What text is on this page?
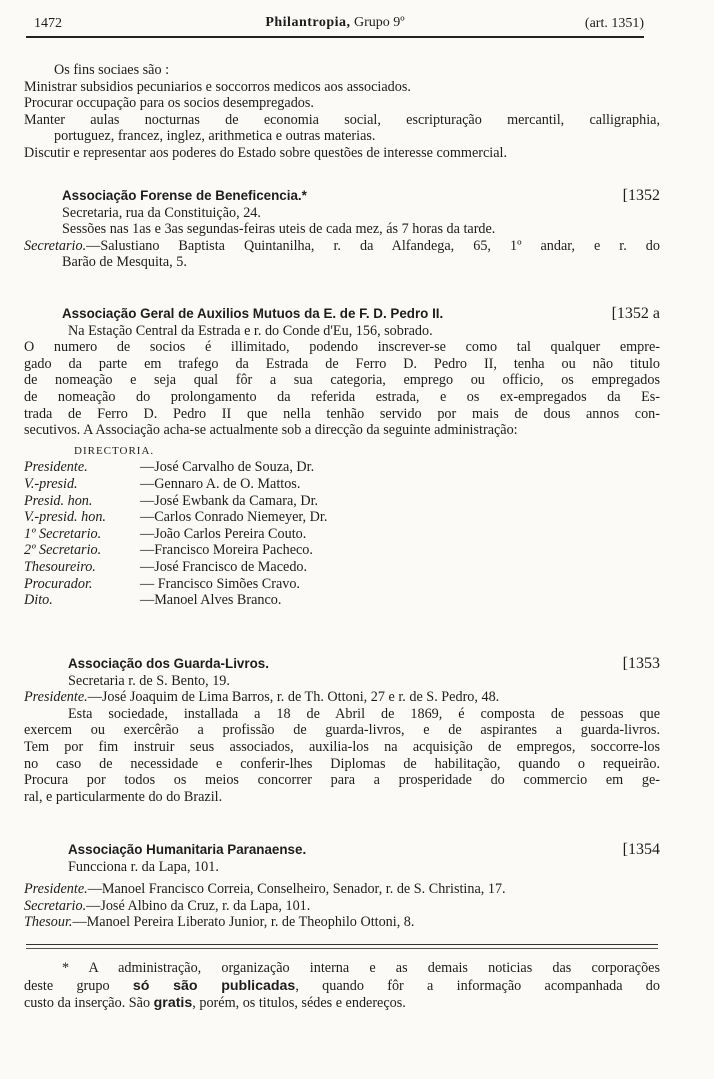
1472	Philantropia, Grupo 9º	(art. 1351)
Os fins sociaes são :
Ministrar subsidios pecuniarios e soccorros medicos aos associados.
Procurar occupação para os socios desempregados.
Manter aulas nocturnas de economia social, escripturação mercantil, calligraphia,
portuguez, francez, inglez, arithmetica e outras materias.
Discutir e representar aos poderes do Estado sobre questões de interesse commercial.
Associação Forense de Beneficencia.*	[1352
Secretaria, rua da Constituição, 24.
Sessões nas 1as e 3as segundas-feiras uteis de cada mez, ás 7 horas da tarde.
Secretario.—Salustiano Baptista Quintanilha, r. da Alfandega, 65, 1º andar, e r. do
Barão de Mesquita, 5.
Associação Geral de Auxilios Mutuos da E. de F. D. Pedro II.	[1352 a
Na Estação Central da Estrada e r. do Conde d'Eu, 156, sobrado.
O numero de socios é illimitado, podendo inscrever-se como tal qualquer empre-
gado da parte em trafego da Estrada de Ferro D. Pedro II, tenha ou não titulo
de nomeação e seja qual fôr a sua categoria, emprego ou officio, os empregados
de nomeação do prolongamento da referida estrada, e os ex-empregados da Es-
trada de Ferro D. Pedro II que nella tenhão servido por mais de dous annos con-
secutivos. A Associação acha-se actualmente sob a direcção da seguinte administração:
DIRECTORIA.
Presidente.	—José Carvalho de Souza, Dr.
V.-presid.	—Gennaro A. de O. Mattos.
Presid. hon.	—José Ewbank da Camara, Dr.
V.-presid. hon. —Carlos Conrado Niemeyer, Dr.
1º Secretario.	—João Carlos Pereira Couto.
2º Secretario.	—Francisco Moreira Pacheco.
Thesoureiro.	—José Francisco de Macedo.
Procurador.	— Francisco Simões Cravo.
Dito.	—Manoel Alves Branco.
Associação dos Guarda-Livros.	[1353
Secretaria r. de S. Bento, 19.
Presidente.—José Joaquim de Lima Barros, r. de Th. Ottoni, 27 e r. de S. Pedro, 48.
Esta sociedade, installada a 18 de Abril de 1869, é composta de pessoas que
exercem ou exercêrão a profissão de guarda-livros, e de aspirantes a guarda-livros.
Tem por fim instruir seus associados, auxilia-los na acquisição de empregos, soccorre-los
no caso de necessidade e conferir-lhes Diplomas de habilitação, quando o requeirão.
Procura por todos os meios concorrer para a prosperidade do commercio em ge-
ral, e particularmente do do Brazil.
Associação Humanitaria Paranaense.	[1354
Funcciona r. da Lapa, 101.
Presidente.—Manoel Francisco Correia, Conselheiro, Senador, r. de S. Christina, 17.
Secretario.—José Albino da Cruz, r. da Lapa, 101.
Thesour.—Manoel Pereira Liberato Junior, r. de Theophilo Ottoni, 8.
* A administração, organização interna e as demais noticias das corporações
deste grupo só são publicadas, quando fôr a informação acompanhada do
custo da inserção. São gratis, porém, os titulos, sédes e endereços.
